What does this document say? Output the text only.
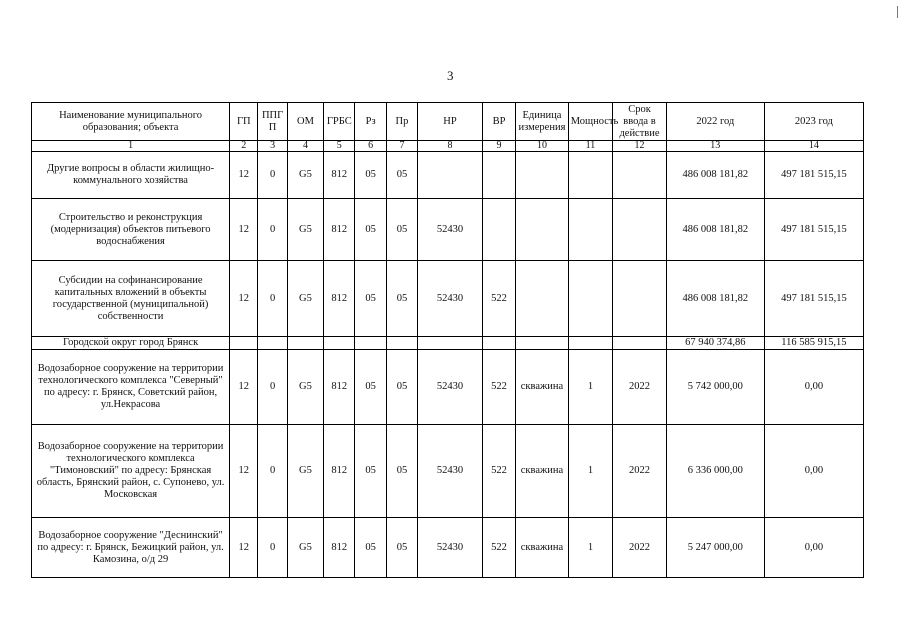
3
Наименование муниципального образования; объекта	ГП	ППГ П	ОМ	ГРБС	Рз	Пр	НР	ВР	Единица измерения	Мощность	Срок ввода в действие	2022 год	2023 год
1	2	3	4	5	6	7	8	9	10	11	12	13	14
Другие вопросы в области жилищно-коммунального хозяйства	12	0	G5	812	05	05						486 008 181,82	497 181 515,15
Строительство и реконструкция (модернизация) объектов питьевого водоснабжения	12	0	G5	812	05	05	52430					486 008 181,82	497 181 515,15
Субсидии на софинансирование капитальных вложений в объекты государственной (муниципальной) собственности	12	0	G5	812	05	05	52430	522				486 008 181,82	497 181 515,15
Городской округ город Брянск												67 940 374,86	116 585 915,15
Водозаборное сооружение на территории технологического комплекса "Северный" по адресу: г. Брянск, Советский район, ул.Некрасова	12	0	G5	812	05	05	52430	522	скважина	1	2022	5 742 000,00	0,00
Водозаборное сооружение на территории технологического комплекса "Тимоновский" по адресу: Брянская область, Брянский район, с. Супонево, ул. Московская	12	0	G5	812	05	05	52430	522	скважина	1	2022	6 336 000,00	0,00
Водозаборное сооружение "Деснинский" по адресу: г. Брянск, Бежицкий район, ул. Камозина, о/д 29	12	0	G5	812	05	05	52430	522	скважина	1	2022	5 247 000,00	0,00
